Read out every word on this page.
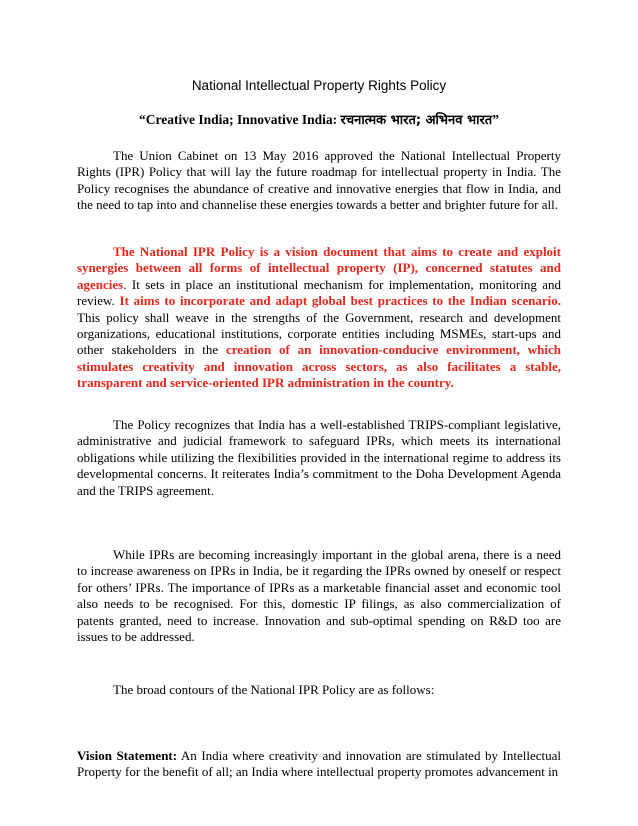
National Intellectual Property Rights Policy
“Creative India; Innovative India: रचनात्मक भारत; अभिनव भारत”

The Union Cabinet on 13 May 2016 approved the National Intellectual Property Rights (IPR) Policy that will lay the future roadmap for intellectual property in India. The Policy recognises the abundance of creative and innovative energies that flow in India, and the need to tap into and channelise these energies towards a better and brighter future for all.

The National IPR Policy is a vision document that aims to create and exploit synergies between all forms of intellectual property (IP), concerned statutes and agencies. It sets in place an institutional mechanism for implementation, monitoring and review. It aims to incorporate and adapt global best practices to the Indian scenario. This policy shall weave in the strengths of the Government, research and development organizations, educational institutions, corporate entities including MSMEs, start-ups and other stakeholders in the creation of an innovation-conducive environment, which stimulates creativity and innovation across sectors, as also facilitates a stable, transparent and service-oriented IPR administration in the country.

The Policy recognizes that India has a well-established TRIPS-compliant legislative, administrative and judicial framework to safeguard IPRs, which meets its international obligations while utilizing the flexibilities provided in the international regime to address its developmental concerns. It reiterates India’s commitment to the Doha Development Agenda and the TRIPS agreement.

While IPRs are becoming increasingly important in the global arena, there is a need to increase awareness on IPRs in India, be it regarding the IPRs owned by oneself or respect for others’ IPRs. The importance of IPRs as a marketable financial asset and economic tool also needs to be recognised. For this, domestic IP filings, as also commercialization of patents granted, need to increase. Innovation and sub-optimal spending on R&D too are issues to be addressed.

The broad contours of the National IPR Policy are as follows:

Vision Statement: An India where creativity and innovation are stimulated by Intellectual Property for the benefit of all; an India where intellectual property promotes advancement in
